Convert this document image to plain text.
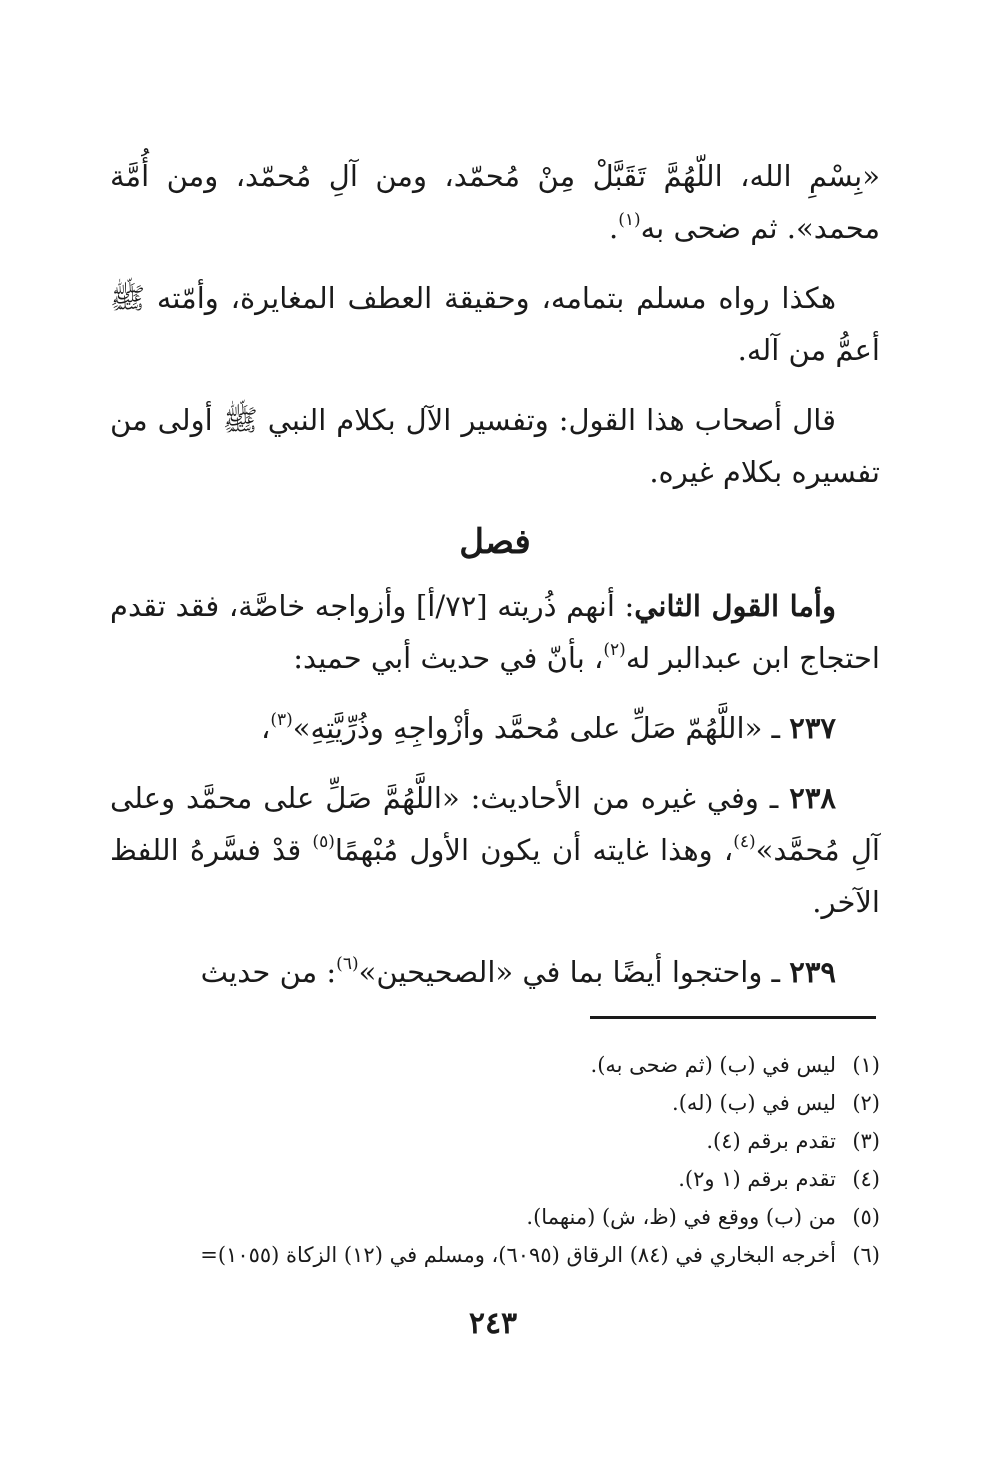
«بِسْمِ الله، اللّهُمَّ تَقَبَّلْ مِنْ مُحمّد، ومن آلِ مُحمّد، ومن أُمَّة محمد». ثم ضحى به$^{(١)}$.

هكذا رواه مسلم بتمامه، وحقيقة العطف المغايرة، وأمّته ﷺ أعمُّ من آله.

قال أصحاب هذا القول: وتفسير الآل بكلام النبي ﷺ أولى من تفسيره بكلام غيره.

فصل

وأما القول الثاني: أنهم ذُريته [٧٢/أ] وأزواجه خاصَّة، فقد تقدم احتجاج ابن عبدالبر له$^{(٢)}$، بأنّ في حديث أبي حميد:

٢٣٧ ـ «اللَّهُمّ صَلِّ على مُحمَّد وأزْواجِهِ وذُرِّيَّتِهِ»$^{(٣)}$،

٢٣٨ ـ وفي غيره من الأحاديث: «اللَّهُمَّ صَلِّ على محمَّد وعلى آلِ مُحمَّد»$^{(٤)}$، وهذا غايته أن يكون الأول مُبْهمًا$^{(٥)}$ قدْ فسَّرهُ اللفظ الآخر.

٢٣٩ ـ واحتجوا أيضًا بما في «الصحيحين»$^{(٦)}$: من حديث

(١)
ليس في (ب) (ثم ضحى به).
(٢)
ليس في (ب) (له).
(٣)
تقدم برقم (٤).
(٤)
تقدم برقم (١ و٢).
(٥)
من (ب) ووقع في (ظ، ش) (منهما).
(٦)
أخرجه البخاري في (٨٤) الرقاق (٦٠٩٥)، ومسلم في (١٢) الزكاة (١٠٥٥)=
٢٤٣
